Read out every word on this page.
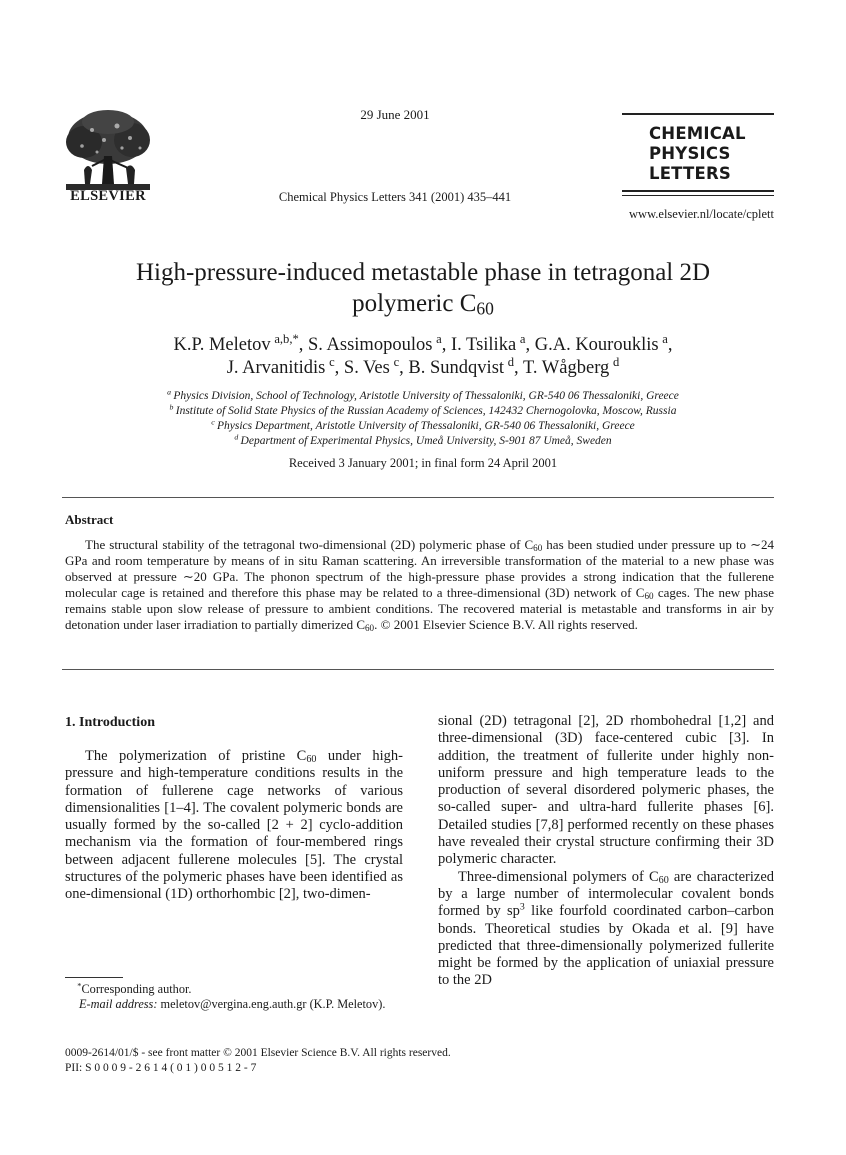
ELSEVIER
29 June 2001
Chemical Physics Letters 341 (2001) 435–441
CHEMICAL
PHYSICS
LETTERS
www.elsevier.nl/locate/cplett
High-pressure-induced metastable phase in tetragonal 2D
polymeric $C_{60}$
K.P. Meletov  $^{a,b,*}$, S. Assimopoulos  $^a$, I. Tsilika  $^a$, G.A. Kourouklis  $^a$,
J. Arvanitidis  $^c$, S. Ves  $^c$, B. Sundqvist  $^d$, T. Wågberg  $^d$
$^a$  Physics Division, School of Technology, Aristotle University of Thessaloniki, GR-540 06 Thessaloniki, Greece
$^b$  Institute of Solid State Physics of the Russian Academy of Sciences, 142432 Chernogolovka, Moscow, Russia
$^c$  Physics Department, Aristotle University of Thessaloniki, GR-540 06 Thessaloniki, Greece
$^d$  Department of Experimental Physics, Umeå University, S-901 87 Umeå, Sweden
Received 3 January 2001; in final form 24 April 2001
Abstract
The structural stability of the tetragonal two-dimensional (2D) polymeric phase of $C_{60}$ has been studied under pressure up to ∼24 GPa and room temperature by means of in situ Raman scattering. An irreversible transformation of the material to a new phase was observed at pressure ∼20 GPa. The phonon spectrum of the high-pressure phase provides a strong indication that the fullerene molecular cage is retained and therefore this phase may be related to a three-dimensional (3D) network of $C_{60}$ cages. The new phase remains stable upon slow release of pressure to ambient conditions. The recovered material is metastable and transforms in air by detonation under laser irradiation to partially dimerized $C_{60}$. © 2001 Elsevier Science B.V. All rights reserved.
1. Introduction
The polymerization of pristine $C_{60}$ under high-pressure and high-temperature conditions results in the formation of fullerene cage networks of various dimensionalities [1–4]. The covalent polymeric bonds are usually formed by the so-called [2 + 2] cyclo-addition mechanism via the formation of four-membered rings between adjacent fullerene molecules [5]. The crystal structures of the polymeric phases have been identified as one-dimensional (1D) orthorhombic [2], two-dimen-
sional (2D) tetragonal [2], 2D rhombohedral [1,2] and three-dimensional (3D) face-centered cubic [3]. In addition, the treatment of fullerite under highly non-uniform pressure and high temperature leads to the production of several disordered polymeric phases, the so-called super- and ultra-hard fullerite phases [6]. Detailed studies [7,8] performed recently on these phases have revealed their crystal structure confirming their 3D polymeric character.
Three-dimensional polymers of $C_{60}$ are characterized by a large number of intermolecular covalent bonds formed by $sp^3$ like fourfold coordinated carbon–carbon bonds. Theoretical studies by Okada et al. [9] have predicted that three-dimensionally polymerized fullerite might be formed by the application of uniaxial pressure to the 2D
 *Corresponding author.
E-mail address: meletov@vergina.eng.auth.gr (K.P. Meletov).
0009-2614/01/$ - see front matter © 2001 Elsevier Science B.V. All rights reserved.
PII: S 0 0 0 9 - 2 6 1 4 ( 0 1 ) 0 0 5 1 2 - 7
